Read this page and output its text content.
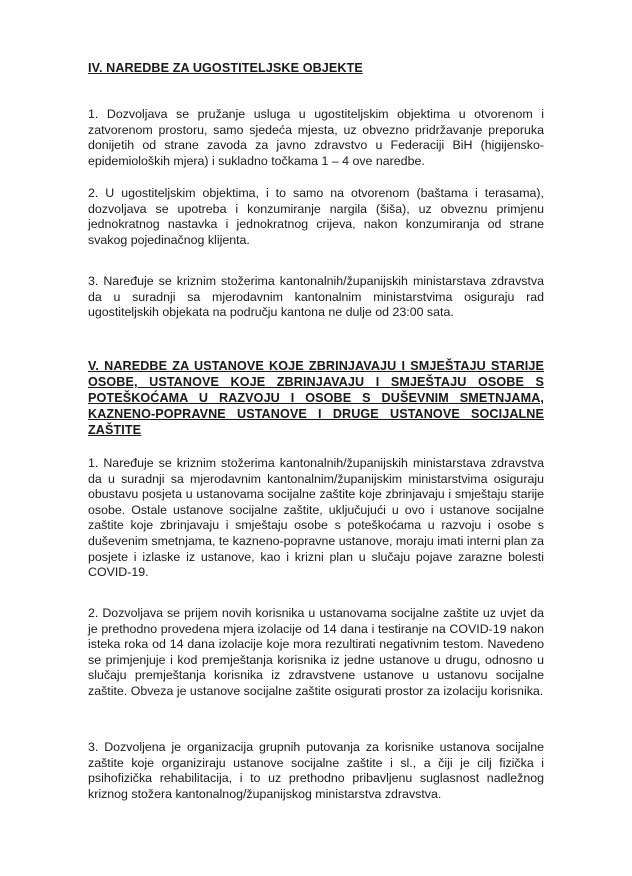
IV. NAREDBE ZA UGOSTITELJSKE OBJEKTE
1. Dozvoljava se pružanje usluga u ugostiteljskim objektima u otvorenom i zatvorenom prostoru, samo sjedeća mjesta, uz obvezno pridržavanje preporuka donijetih od strane zavoda za javno zdravstvo u Federaciji BiH (higijensko-epidemioloških mjera) i sukladno točkama 1 – 4 ove naredbe.
2. U ugostiteljskim objektima, i to samo na otvorenom (baštama i terasama), dozvoljava se upotreba i konzumiranje nargila (šiša), uz obveznu primjenu jednokratnog nastavka i jednokratnog crijeva, nakon konzumiranja od strane svakog pojedinačnog klijenta.
3. Naređuje se kriznim stožerima kantonalnih/županijskih ministarstava zdravstva da u suradnji sa mjerodavnim kantonalnim ministarstvima osiguraju rad ugostiteljskih objekata na području kantona ne dulje od 23:00 sata.
V. NAREDBE ZA USTANOVE KOJE ZBRINJAVAJU I SMJEŠTAJU STARIJE OSOBE, USTANOVE KOJE ZBRINJAVAJU I SMJEŠTAJU OSOBE S POTEŠKOĆAMA U RAZVOJU I OSOBE S DUŠEVNIM SMETNJAMA, KAZNENO-POPRAVNE USTANOVE I DRUGE USTANOVE SOCIJALNE ZAŠTITE
1. Naređuje se kriznim stožerima kantonalnih/županijskih ministarstava zdravstva da u suradnji sa mjerodavnim kantonalnim/županijskim ministarstvima osiguraju obustavu posjeta u ustanovama socijalne zaštite koje zbrinjavaju i smještaju starije osobe. Ostale ustanove socijalne zaštite, uključujući u ovo i ustanove socijalne zaštite koje zbrinjavaju i smještaju osobe s poteškoćama u razvoju i osobe s duševenim smetnjama, te kazneno-popravne ustanove, moraju imati interni plan za posjete i izlaske iz ustanove, kao i krizni plan u slučaju pojave zarazne bolesti COVID-19.
2. Dozvoljava se prijem novih korisnika u ustanovama socijalne zaštite uz uvjet da je prethodno provedena mjera izolacije od 14 dana i testiranje na COVID-19 nakon isteka roka od 14 dana izolacije koje mora rezultirati negativnim testom. Navedeno se primjenjuje i kod premještanja korisnika iz jedne ustanove u drugu, odnosno u slučaju premještanja korisnika iz zdravstvene ustanove u ustanovu socijalne zaštite. Obveza je ustanove socijalne zaštite osigurati prostor za izolaciju korisnika.
3. Dozvoljena je organizacija grupnih putovanja za korisnike ustanova socijalne zaštite koje organiziraju ustanove socijalne zaštite i sl., a čiji je cilj fizička i psihofizička rehabilitacija, i to uz prethodno pribavljenu suglasnost nadležnog kriznog stožera kantonalnog/županijskog ministarstva zdravstva.
